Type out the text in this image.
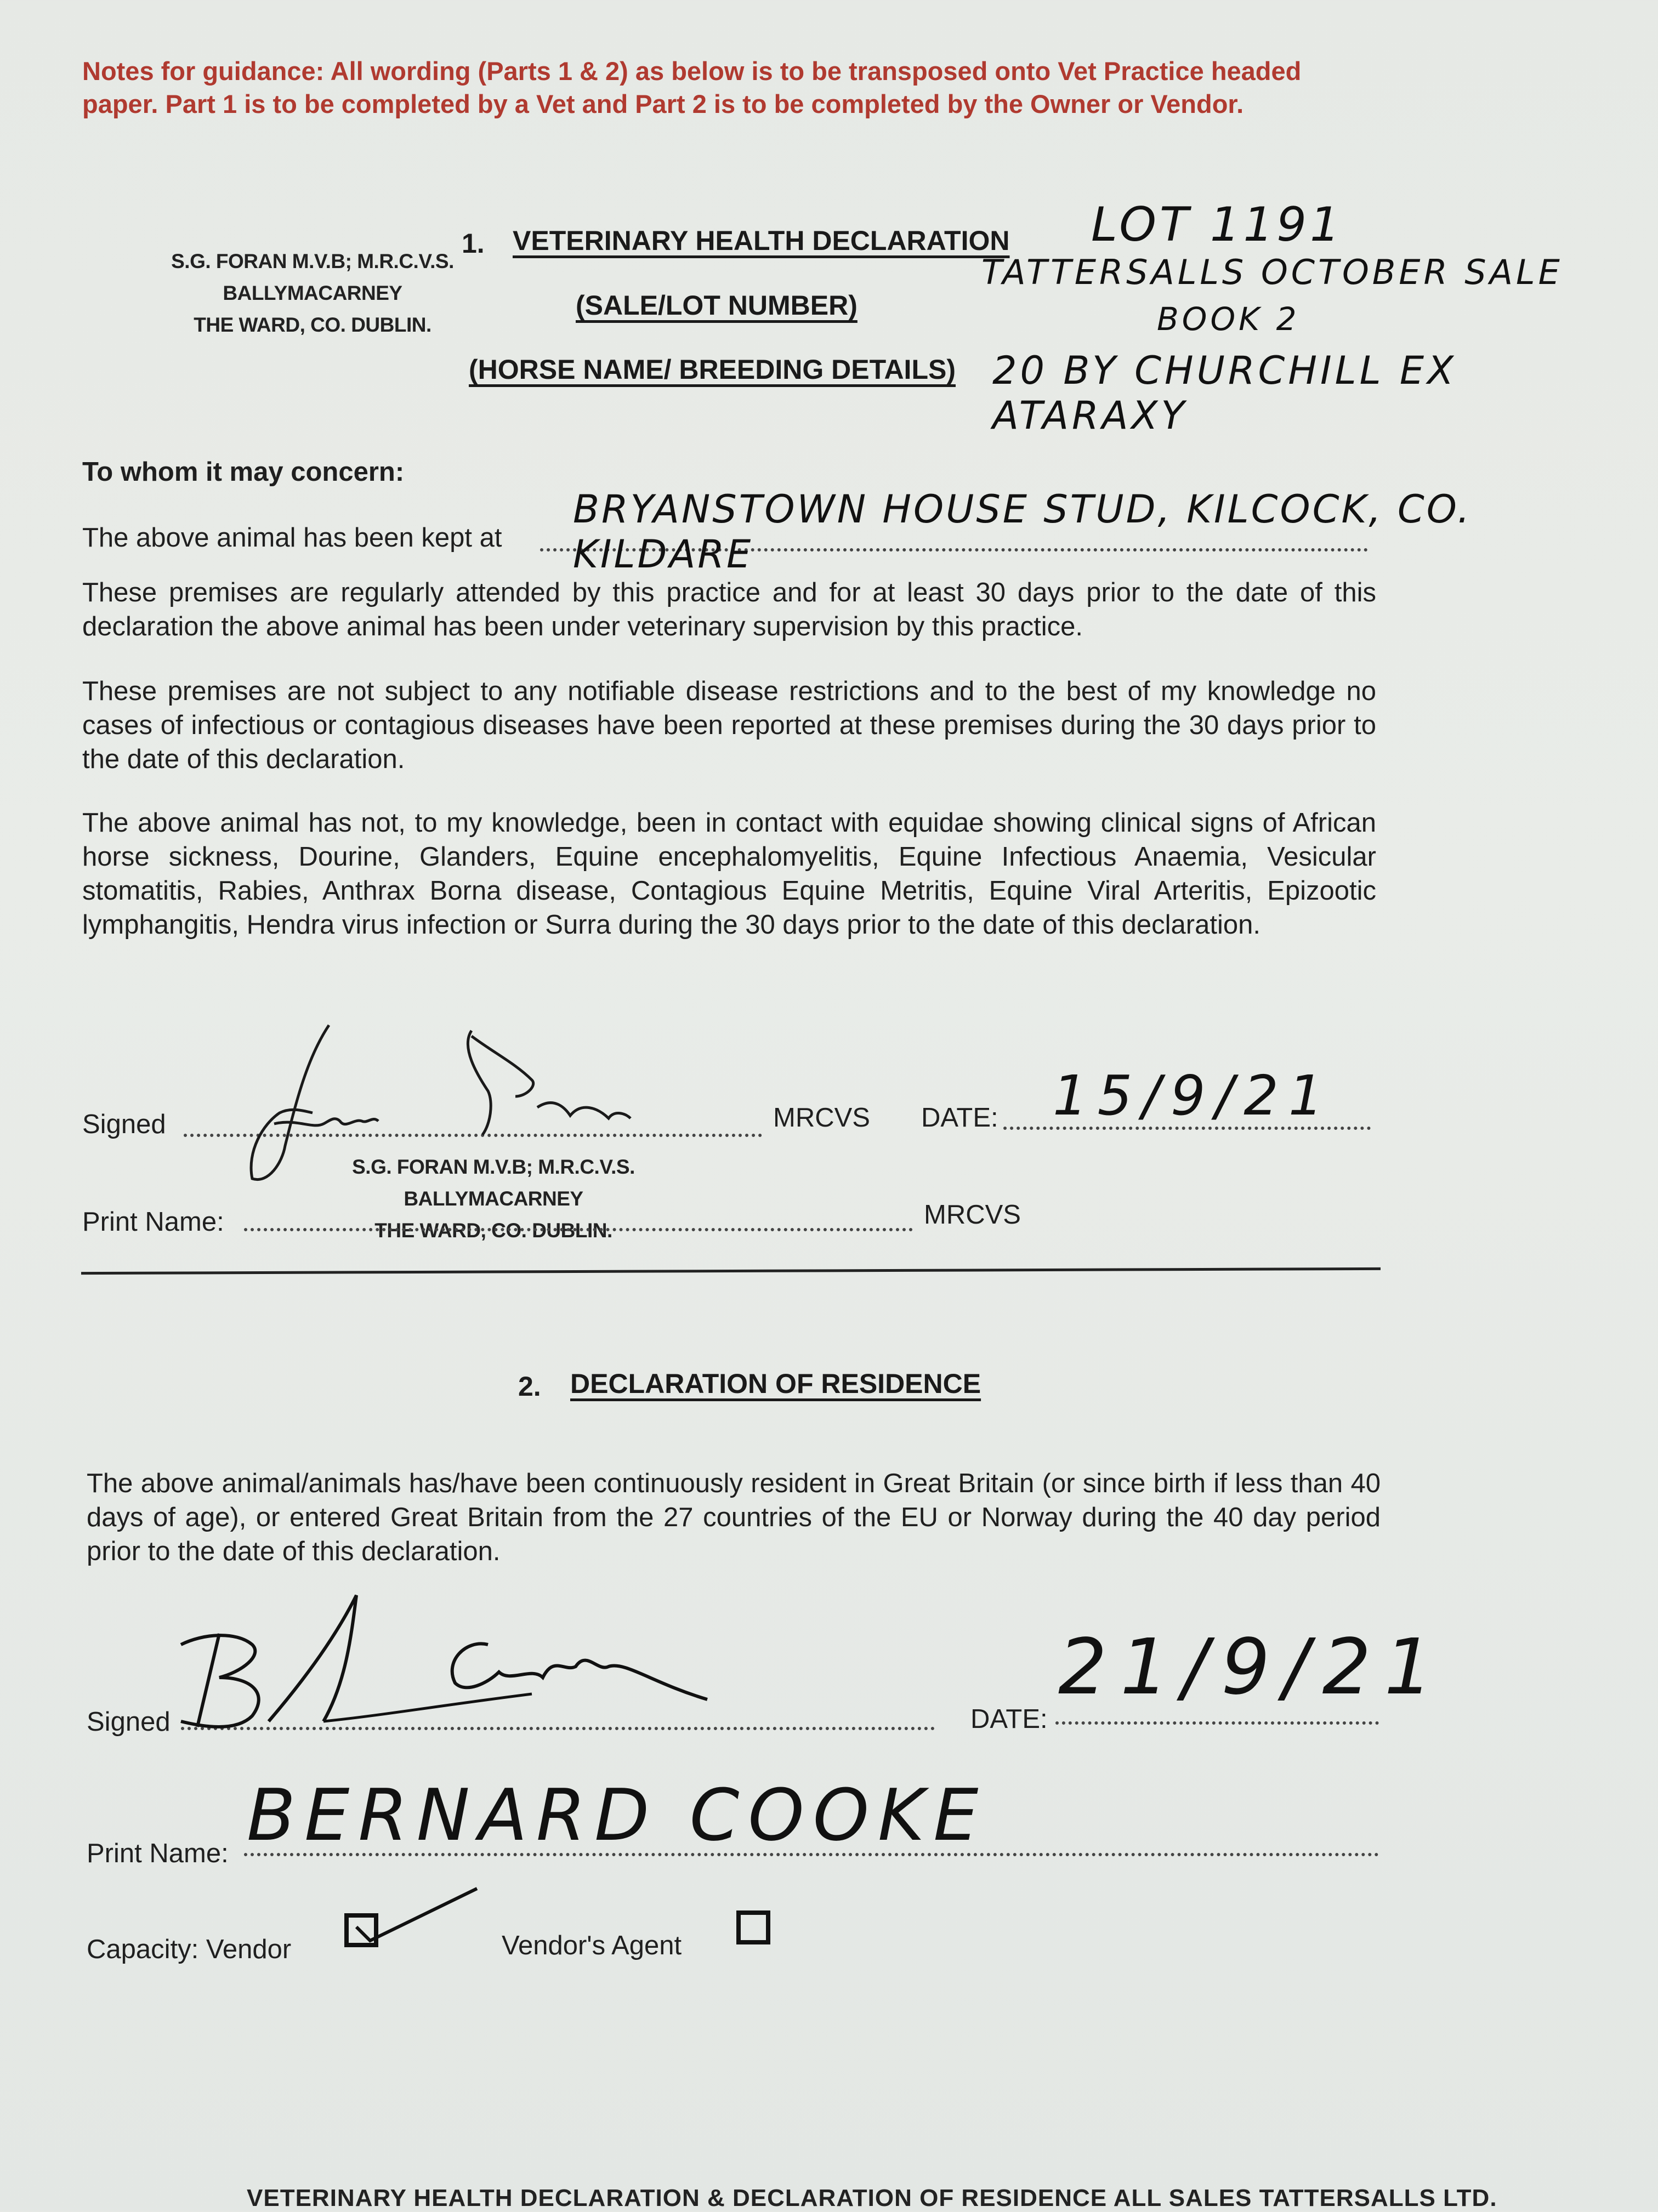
Notes for guidance: All wording (Parts 1 & 2) as below is to be transposed onto Vet Practice headed paper. Part 1 is to be completed by a Vet and Part 2 is to be completed by the Owner or Vendor.
S.G. FORAN M.V.B; M.R.C.V.S.
BALLYMACARNEY
THE WARD, CO. DUBLIN.
1. VETERINARY HEALTH DECLARATION
(SALE/LOT NUMBER)
(HORSE NAME/ BREEDING DETAILS)
LOT 1191
TATTERSALLS OCTOBER SALE
BOOK 2
20 BY CHURCHILL EX ATARAXY
To whom it may concern:
The above animal has been kept at
BRYANSTOWN HOUSE STUD, KILCOCK, CO. KILDARE
These premises are regularly attended by this practice and for at least 30 days prior to the date of this declaration the above animal has been under veterinary supervision by this practice.
These premises are not subject to any notifiable disease restrictions and to the best of my knowledge no cases of infectious or contagious diseases have been reported at these premises during the 30 days prior to the date of this declaration.
The above animal has not, to my knowledge, been in contact with equidae showing clinical signs of African horse sickness, Dourine, Glanders, Equine encephalomyelitis, Equine Infectious Anaemia, Vesicular stomatitis, Rabies, Anthrax Borna disease, Contagious Equine Metritis, Equine Viral Arteritis, Epizootic lymphangitis, Hendra virus infection or Surra during the 30 days prior to the date of this declaration.
Signed	MRCVS DATE: 15/9/21
S.G. FORAN M.V.B; M.R.C.V.S.
BALLYMACARNEY
THE WARD, CO. DUBLIN.
Print Name:	MRCVS
2. DECLARATION OF RESIDENCE
The above animal/animals has/have been continuously resident in Great Britain (or since birth if less than 40 days of age), or entered Great Britain from the 27 countries of the EU or Norway during the 40 day period prior to the date of this declaration.
Signed	DATE:
21/9/21
Print Name: BERNARD COOKE
Capacity: Vendor	Vendor's Agent
VETERINARY HEALTH DECLARATION & DECLARATION OF RESIDENCE ALL SALES TATTERSALLS LTD.
